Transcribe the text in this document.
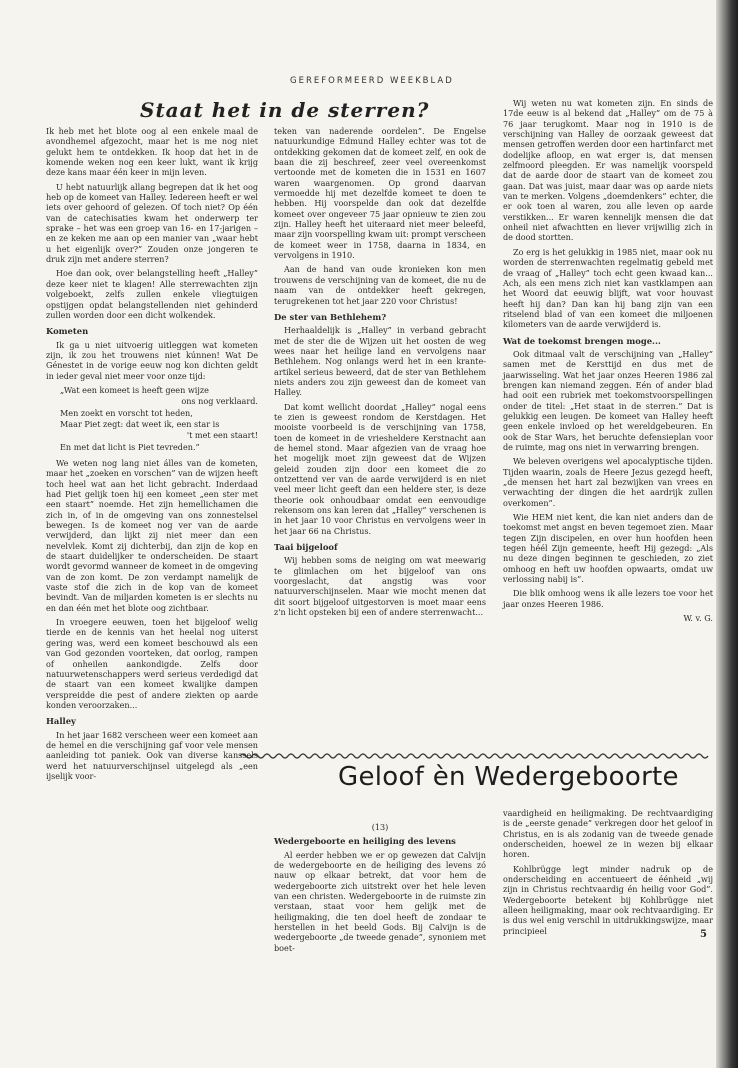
GEREFORMEERD WEEKBLAD
Staat het in de sterren?

Ik heb met het blote oog al een enkele maal de avondhemel afgezocht, maar het is me nog niet gelukt hem te ontdekken. Ik hoop dat het in de komende weken nog een keer lukt, want ik krijg deze kans maar één keer in mijn leven.

U hebt natuurlijk allang begrepen dat ik het oog heb op de komeet van Halley. Iedereen heeft er wel iets over gehoord of gelezen. Of toch niet? Op één van de catechisaties kwam het onderwerp ter sprake – het was een groep van 16- en 17-jarigen – en ze keken me aan op een manier van „waar hebt u het eigenlijk over?” Zouden onze jongeren te druk zijn met andere sterren?

Hoe dan ook, over belangstelling heeft „Halley” deze keer niet te klagen! Alle sterrewachten zijn volgeboekt, zelfs zullen enkele vliegtuigen opstijgen opdat belangstellenden niet gehinderd zullen worden door een dicht wolkendek.

Kometen

Ik ga u niet uitvoerig uitleggen wat kometen zijn, ik zou het trouwens niet kúnnen! Wat De Génestet in de vorige eeuw nog kon dichten geldt in ieder geval niet meer voor onze tijd:

„Wat een komeet is heeft geen wijze

ons nog verklaard.

Men zoekt en vorscht tot heden,

Maar Piet zegt: dat weet ik, een star is

't met een staart!

En met dat licht is Piet tevreden.”

We weten nog lang niet álles van de kometen, maar het „zoeken en vorschen” van de wijzen heeft toch heel wat aan het licht gebracht. Inderdaad had Piet gelijk toen hij een komeet „een ster met een staart” noemde. Het zijn hemellichamen die zich in, of in de omgeving van ons zonnestelsel bewegen. Is de komeet nog ver van de aarde verwijderd, dan lijkt zij niet meer dan een nevelvlek. Komt zij dichterbij, dan zijn de kop en de staart duidelijker te onderscheiden. De staart wordt gevormd wanneer de komeet in de omgeving van de zon komt. De zon verdampt namelijk de vaste stof die zich in de kop van de komeet bevindt. Van de miljarden kometen is er slechts nu en dan één met het blote oog zichtbaar.

In vroegere eeuwen, toen het bijgeloof welig tierde en de kennis van het heelal nog uiterst gering was, werd een komeet beschouwd als een van God gezonden voorteken, dat oorlog, rampen of onheilen aankondigde. Zelfs door natuurwetenschappers werd serieus verdedigd dat de staart van een komeet kwalijke dampen verspreidde die pest of andere ziekten op aarde konden veroorzaken...

Halley

In het jaar 1682 verscheen weer een komeet aan de hemel en die verschijning gaf voor vele mensen aanleiding tot paniek. Ook van diverse kanssels werd het natuurverschijnsel uitgelegd als „een ijselijk voor-

teken van naderende oordelen”. De Engelse natuurkundige Edmund Halley echter was tot de ontdekking gekomen dat de komeet zelf, en ook de baan die zij beschreef, zeer veel overeenkomst vertoonde met de kometen die in 1531 en 1607 waren waargenomen. Op grond daarvan vermoedde hij met dezelfde komeet te doen te hebben. Hij voorspelde dan ook dat dezelfde komeet over ongeveer 75 jaar opnieuw te zien zou zijn. Halley heeft het uiteraard niet meer beleefd, maar zijn voorspelling kwam uit: prompt verscheen de komeet weer in 1758, daarna in 1834, en vervolgens in 1910.

Aan de hand van oude kronieken kon men trouwens de verschijning van de komeet, die nu de naam van de ontdekker heeft gekregen, terugrekenen tot het jaar 220 voor Christus!

De ster van Bethlehem?

Herhaaldelijk is „Halley” in verband gebracht met de ster die de Wijzen uit het oosten de weg wees naar het heilige land en vervolgens naar Bethlehem. Nog onlangs werd het in een krante-artikel serieus beweerd, dat de ster van Bethlehem niets anders zou zijn geweest dan de komeet van Halley.

Dat komt wellicht doordat „Halley” nogal eens te zien is geweest rondom de Kerstdagen. Het mooiste voorbeeld is de verschijning van 1758, toen de komeet in de vriesheldere Kerstnacht aan de hemel stond. Maar afgezien van de vraag hoe het mogelijk moet zijn geweest dat de Wijzen geleid zouden zijn door een komeet die zo ontzettend ver van de aarde verwijderd is en niet veel meer licht geeft dan een heldere ster, is deze theorie ook onhoudbaar omdat een eenvoudige rekensom ons kan leren dat „Halley” verschenen is in het jaar 10 voor Christus en vervolgens weer in het jaar 66 na Christus.

Taai bijgeloof

Wij hebben soms de neiging om wat meewarig te glimlachen om het bijgeloof van ons voorgeslacht, dat angstig was voor natuurverschijnselen. Maar wie mocht menen dat dit soort bijgeloof uitgestorven is moet maar eens z'n licht opsteken bij een of andere sterrenwacht...

Wij weten nu wat kometen zijn. En sinds de 17de eeuw is al bekend dat „Halley” om de 75 à 76 jaar terugkomt. Maar nog in 1910 is de verschijning van Halley de oorzaak geweest dat mensen getroffen werden door een hartinfarct met dodelijke afloop, en wat erger is, dat mensen zelfmoord pleegden. Er was namelijk voorspeld dat de aarde door de staart van de komeet zou gaan. Dat was juist, maar daar was op aarde niets van te merken. Volgens „doemdenkers” echter, die er ook toen al waren, zou alle leven op aarde verstikken... Er waren kennelijk mensen die dat onheil niet afwachtten en liever vrijwillig zich in de dood stortten.

Zo erg is het gelukkig in 1985 niet, maar ook nu worden de sterrenwachten regelmatig gebeld met de vraag of „Halley” toch echt geen kwaad kan... Ach, als een mens zich niet kan vastklampen aan het Woord dat eeuwig blijft, wat voor houvast heeft hij dan? Dan kan hij bang zijn van een ritselend blad of van een komeet die miljoenen kilometers van de aarde verwijderd is.

Wat de toekomst brengen moge...

Ook ditmaal valt de verschijning van „Halley” samen met de Kersttijd en dus met de jaarwisseling. Wat het jaar onzes Heeren 1986 zal brengen kan niemand zeggen. Eén of ander blad had ooit een rubriek met toekomstvoorspellingen onder de titel: „Het staat in de sterren.” Dat is gelukkig een leugen. De komeet van Halley heeft geen enkele invloed op het wereldgebeuren. En ook de Star Wars, het beruchte defensieplan voor de ruimte, mag ons niet in verwarring brengen.

We beleven overigens wel apocalyptische tijden. Tijden waarin, zoals de Heere Jezus gezegd heeft, „de mensen het hart zal bezwijken van vrees en verwachting der dingen die het aardrijk zullen overkomen”.

Wie HEM niet kent, die kan niet anders dan de toekomst met angst en beven tegemoet zien. Maar tegen Zijn discipelen, en over hun hoofden heen tegen héél Zijn gemeente, heeft Hij gezegd: „Als nu deze dingen beginnen te geschieden, zo ziet omhoog en heft uw hoofden opwaarts, omdat uw verlossing nabij is”.

Die blik omhoog wens ik alle lezers toe voor het jaar onzes Heeren 1986.

W. v. G.

Geloof èn Wedergeboorte

(13)

Wedergeboorte en heiliging des levens

Al eerder hebben we er op gewezen dat Calvijn de wedergeboorte en de heiliging des levens zó nauw op elkaar betrekt, dat voor hem de wedergeboorte zich uitstrekt over het hele leven van een christen. Wedergeboorte in de ruimste zin verstaan, staat voor hem gelijk met de heiligmaking, die ten doel heeft de zondaar te herstellen in het beeld Gods. Bij Calvijn is de wedergeboorte „de tweede genade”, synoniem met boet-

vaardigheid en heiligmaking. De rechtvaardiging is de „eerste genade” verkregen door het geloof in Christus, en is als zodanig van de tweede genade onderscheiden, hoewel ze in wezen bij elkaar horen.

Kohlbrügge legt minder nadruk op de onderscheiding en accentueert de éénheid „wij zijn in Christus rechtvaardig én heilig voor God”. Wedergeboorte betekent bij Kohlbrügge niet alleen heiligmaking, maar ook rechtvaardiging. Er is dus wel enig verschil in uitdrukkingswijze, maar principieel	5
